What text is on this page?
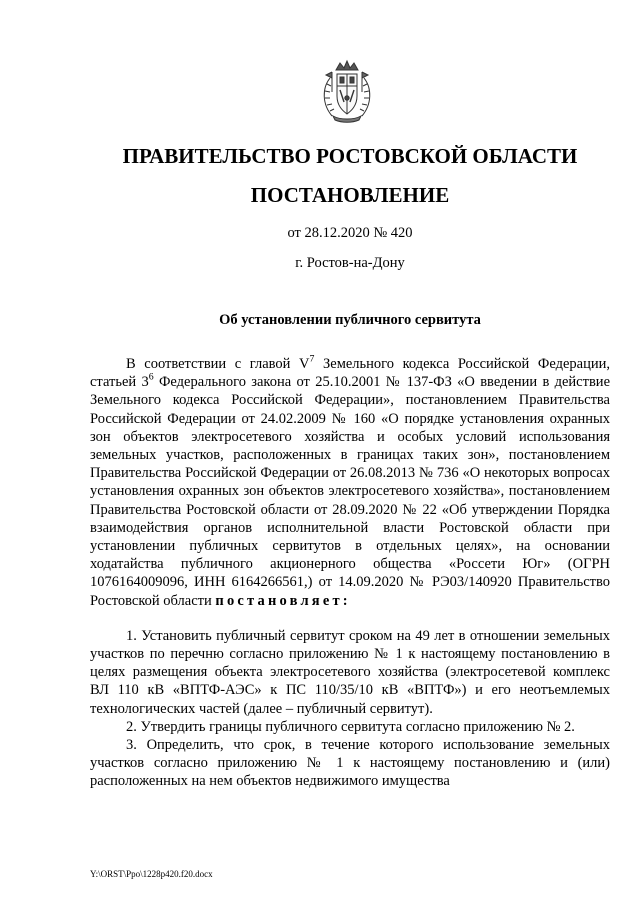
ПРАВИТЕЛЬСТВО РОСТОВСКОЙ ОБЛАСТИ
ПОСТАНОВЛЕНИЕ
от 28.12.2020 № 420
г. Ростов-на-Дону
Об установлении публичного сервитута

В соответствии с главой V$^7$ Земельного кодекса Российской Федерации, статьей 3$^6$ Федерального закона от 25.10.2001 № 137-ФЗ «О введении в действие Земельного кодекса Российской Федерации», постановлением Правительства Российской Федерации от 24.02.2009 № 160 «О порядке установления охранных зон объектов электросетевого хозяйства и особых условий использования земельных участков, расположенных в границах таких зон», постановлением Правительства Российской Федерации от 26.08.2013 № 736 «О некоторых вопросах установления охранных зон объектов электросетевого хозяйства», постановлением Правительства Ростовской области от 28.09.2020 № 22 «Об утверждении Порядка взаимодействия органов исполнительной власти Ростовской области при установлении публичных сервитутов в отдельных целях», на основании ходатайства публичного акционерного общества «Россети Юг» (ОГРН 1076164009096, ИНН 6164266561,) от 14.09.2020 № РЭ03/140920 Правительство Ростовской области постановляет:

1. Установить публичный сервитут сроком на 49 лет в отношении земельных участков по перечню согласно приложению № 1 к настоящему постановлению в целях размещения объекта электросетевого хозяйства (электросетевой комплекс ВЛ 110 кВ «ВПТФ-АЭС» к ПС 110/35/10 кВ «ВПТФ») и его неотъемлемых технологических частей (далее – публичный сервитут).

2. Утвердить границы публичного сервитута согласно приложению № 2.

3. Определить, что срок, в течение которого использование земельных участков согласно приложению № 1 к настоящему постановлению и (или) расположенных на нем объектов недвижимого имущества

Y:\ORST\Ppo\1228p420.f20.docx
